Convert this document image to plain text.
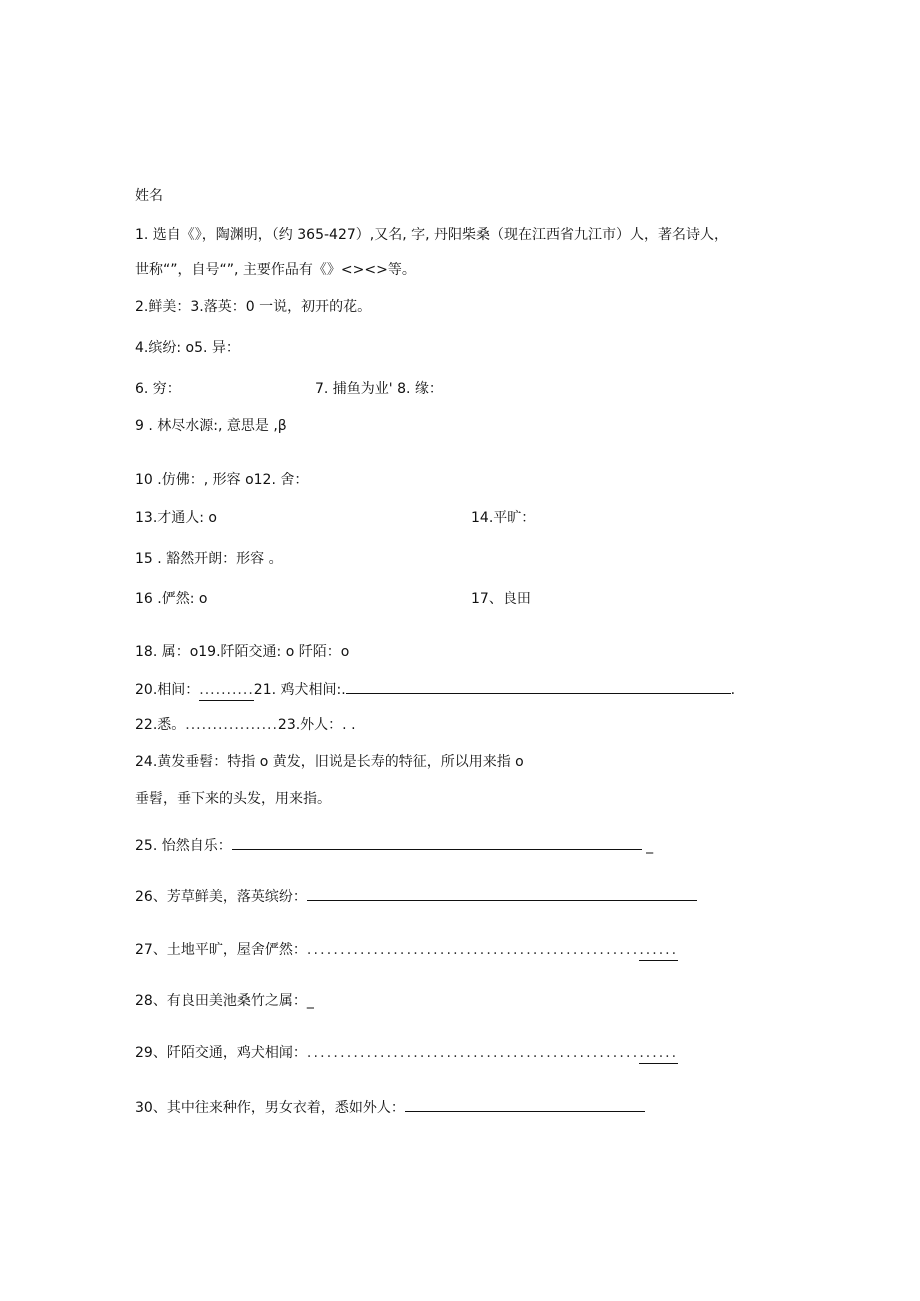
姓名
1. 选自《》，陶渊明，（约 365-427）,又名, 字, 丹阳柴桑（现在江西省九江市）人，著名诗人，
世称“”，自号“”, 主要作品有《》<><>等。
2.鲜美：3.落英：0 一说，初开的花。
4.缤纷: o5. 异：
6. 穷：	7. 捕鱼为业' 8. 缘：
9 . 林尽水源:, 意思是 ,β
10 .仿佛：, 形容 o12. 舍：
13.才通人: o	14.平旷：
15 . 豁然开朗：形容 。
16 .俨然: o	17、良田
18. 属：o19.阡陌交通: o 阡陌：o
20.相间：..........21. 鸡犬相间:.	.
22.悉。.................23.外人：. .
24.黄发垂髫：特指 o 黄发，旧说是长寿的特征，所以用来指 o
垂髫，垂下来的头发，用来指。
25. 怡然自乐：	_
26、芳草鲜美，落英缤纷：
27、土地平旷，屋舍俨然：........................................................
28、有良田美池桑竹之属：_
29、阡陌交通，鸡犬相闻：........................................................
30、其中往来种作，男女衣着，悉如外人：
